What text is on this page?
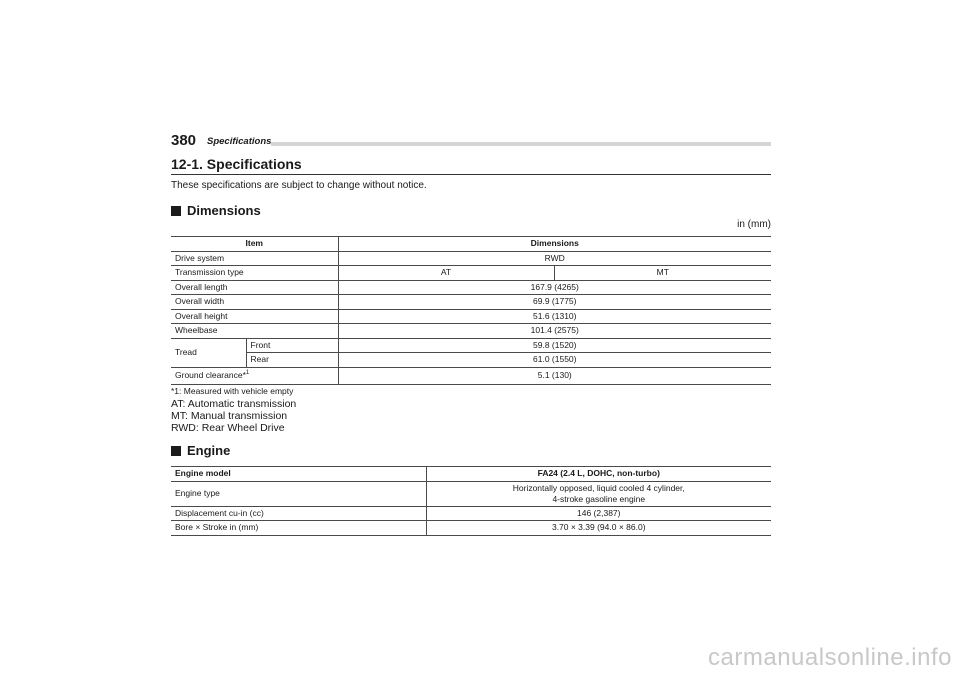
380 Specifications
12-1. Specifications

These specifications are subject to change without notice.

Dimensions
in (mm)
Item		Dimensions	
Drive system		RWD	
Transmission type		AT	MT
Overall length		167.9 (4265)	
Overall width		69.9 (1775)	
Overall height		51.6 (1310)	
Wheelbase		101.4 (2575)	
Tread	Front	59.8 (1520)	
	Rear	61.0 (1550)	
Ground clearance*$^1$		5.1 (130)	

*1: Measured with vehicle empty

AT: Automatic transmission

MT: Manual transmission

RWD: Rear Wheel Drive

Engine
Engine model	FA24 (2.4 L, DOHC, non-turbo)
Engine type	Horizontally opposed, liquid cooled 4 cylinder,
4-stroke gasoline engine

Displacement cu-in (cc)	146 (2,387)
Bore × Stroke in (mm)	3.70 × 3.39 (94.0 × 86.0)
carmanualsonline.info
